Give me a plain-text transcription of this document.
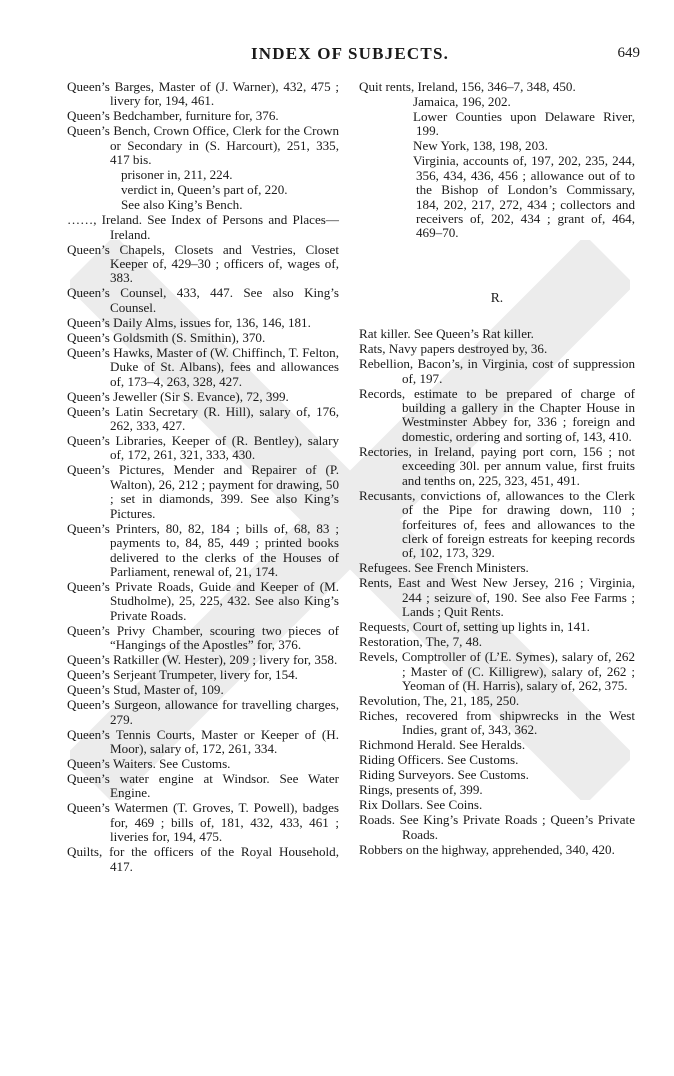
INDEX OF SUBJECTS.	649
Queen’s Barges, Master of (J. Warner), 432, 475 ; livery for, 194, 461.
Queen’s Bedchamber, furniture for, 376.
Queen’s Bench, Crown Office, Clerk for the Crown or Secondary in (S. Harcourt), 251, 335, 417 bis.
prisoner in, 211, 224.
verdict in, Queen’s part of, 220.
See also King’s Bench.
……, Ireland. See Index of Persons and Places—Ireland.
Queen’s Chapels, Closets and Vestries, Closet Keeper of, 429–30 ; officers of, wages of, 383.
Queen’s Counsel, 433, 447. See also King’s Counsel.
Queen’s Daily Alms, issues for, 136, 146, 181.
Queen’s Goldsmith (S. Smithin), 370.
Queen’s Hawks, Master of (W. Chiffinch, T. Felton, Duke of St. Albans), fees and allowances of, 173–4, 263, 328, 427.
Queen’s Jeweller (Sir S. Evance), 72, 399.
Queen’s Latin Secretary (R. Hill), salary of, 176, 262, 333, 427.
Queen’s Libraries, Keeper of (R. Bentley), salary of, 172, 261, 321, 333, 430.
Queen’s Pictures, Mender and Repairer of (P. Walton), 26, 212 ; payment for drawing, 50 ; set in diamonds, 399. See also King’s Pictures.
Queen’s Printers, 80, 82, 184 ; bills of, 68, 83 ; payments to, 84, 85, 449 ; printed books delivered to the clerks of the Houses of Parliament, renewal of, 21, 174.
Queen’s Private Roads, Guide and Keeper of (M. Studholme), 25, 225, 432. See also King’s Private Roads.
Queen’s Privy Chamber, scouring two pieces of “Hangings of the Apostles” for, 376.
Queen’s Ratkiller (W. Hester), 209 ; livery for, 358.
Queen’s Serjeant Trumpeter, livery for, 154.
Queen’s Stud, Master of, 109.
Queen’s Surgeon, allowance for travelling charges, 279.
Queen’s Tennis Courts, Master or Keeper of (H. Moor), salary of, 172, 261, 334.
Queen’s Waiters. See Customs.
Queen’s water engine at Windsor. See Water Engine.
Queen’s Watermen (T. Groves, T. Powell), badges for, 469 ; bills of, 181, 432, 433, 461 ; liveries for, 194, 475.
Quilts, for the officers of the Royal Household, 417.
Quit rents, Ireland, 156, 346–7, 348, 450.
Jamaica, 196, 202.
Lower Counties upon Delaware River, 199.
New York, 138, 198, 203.
Virginia, accounts of, 197, 202, 235, 244, 356, 434, 436, 456 ; allowance out of to the Bishop of London’s Commissary, 184, 202, 217, 272, 434 ; collectors and receivers of, 202, 434 ; grant of, 464, 469–70.
R.
Rat killer. See Queen’s Rat killer.
Rats, Navy papers destroyed by, 36.
Rebellion, Bacon’s, in Virginia, cost of suppression of, 197.
Records, estimate to be prepared of charge of building a gallery in the Chapter House in Westminster Abbey for, 336 ; foreign and domestic, ordering and sorting of, 143, 410.
Rectories, in Ireland, paying port corn, 156 ; not exceeding 30l. per annum value, first fruits and tenths on, 225, 323, 451, 491.
Recusants, convictions of, allowances to the Clerk of the Pipe for drawing down, 110 ; forfeitures of, fees and allowances to the clerk of foreign estreats for keeping records of, 102, 173, 329.
Refugees. See French Ministers.
Rents, East and West New Jersey, 216 ; Virginia, 244 ; seizure of, 190. See also Fee Farms ; Lands ; Quit Rents.
Requests, Court of, setting up lights in, 141.
Restoration, The, 7, 48.
Revels, Comptroller of (L’E. Symes), salary of, 262 ; Master of (C. Killigrew), salary of, 262 ; Yeoman of (H. Harris), salary of, 262, 375.
Revolution, The, 21, 185, 250.
Riches, recovered from shipwrecks in the West Indies, grant of, 343, 362.
Richmond Herald. See Heralds.
Riding Officers. See Customs.
Riding Surveyors. See Customs.
Rings, presents of, 399.
Rix Dollars. See Coins.
Roads. See King’s Private Roads ; Queen’s Private Roads.
Robbers on the highway, apprehended, 340, 420.
